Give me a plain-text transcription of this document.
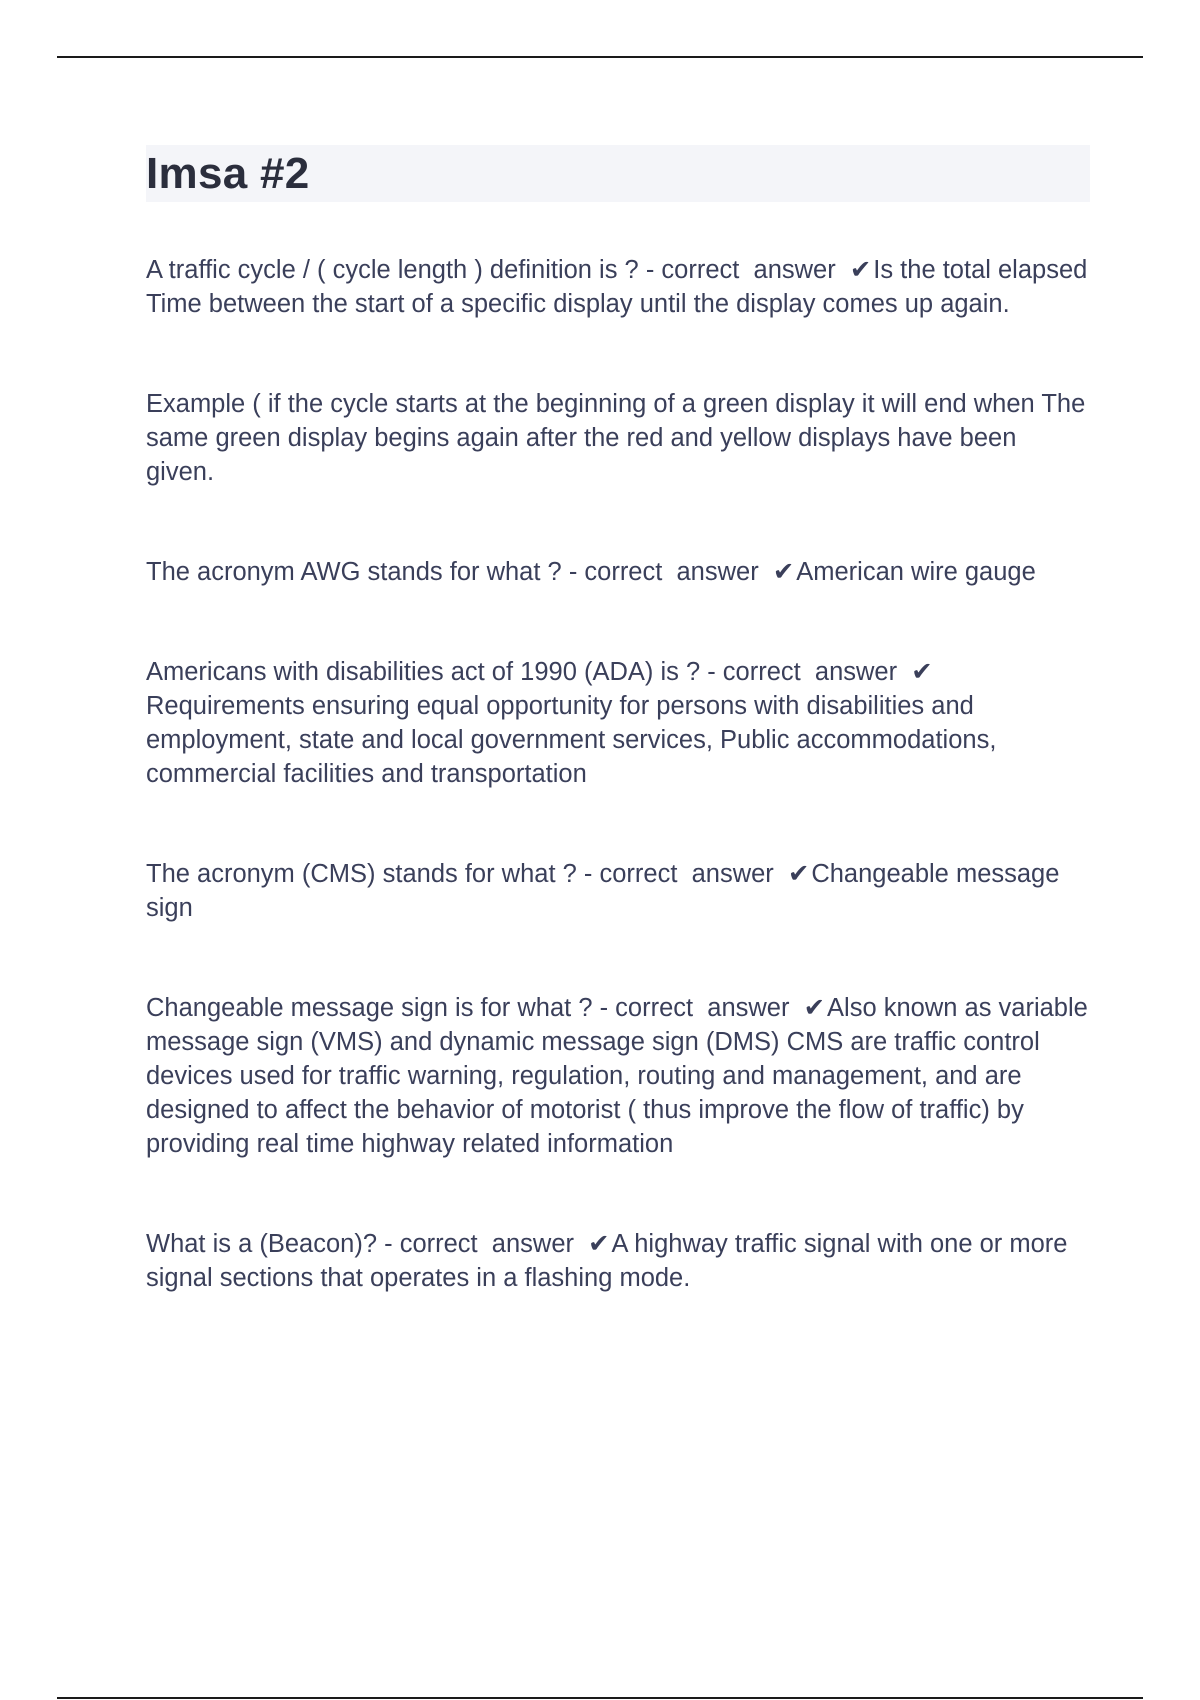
Imsa #2

A traffic cycle / ( cycle length ) definition is ? - correct  answer  ✔Is the total elapsed Time between the start of a specific display until the display comes up again.

Example ( if the cycle starts at the beginning of a green display it will end when The same green display begins again after the red and yellow displays have been given.

The acronym AWG stands for what ? - correct  answer  ✔American wire gauge

Americans with disabilities act of 1990 (ADA) is ? - correct  answer  ✔Requirements ensuring equal opportunity for persons with disabilities and employment, state and local government services, Public accommodations, commercial facilities and transportation

The acronym (CMS) stands for what ? - correct  answer  ✔Changeable message sign

Changeable message sign is for what ? - correct  answer  ✔Also known as variable message sign (VMS) and dynamic message sign (DMS) CMS are traffic control devices used for traffic warning, regulation, routing and management, and are designed to affect the behavior of motorist ( thus improve the flow of traffic) by providing real time highway related information

What is a (Beacon)? - correct  answer  ✔A highway traffic signal with one or more signal sections that operates in a flashing mode.
